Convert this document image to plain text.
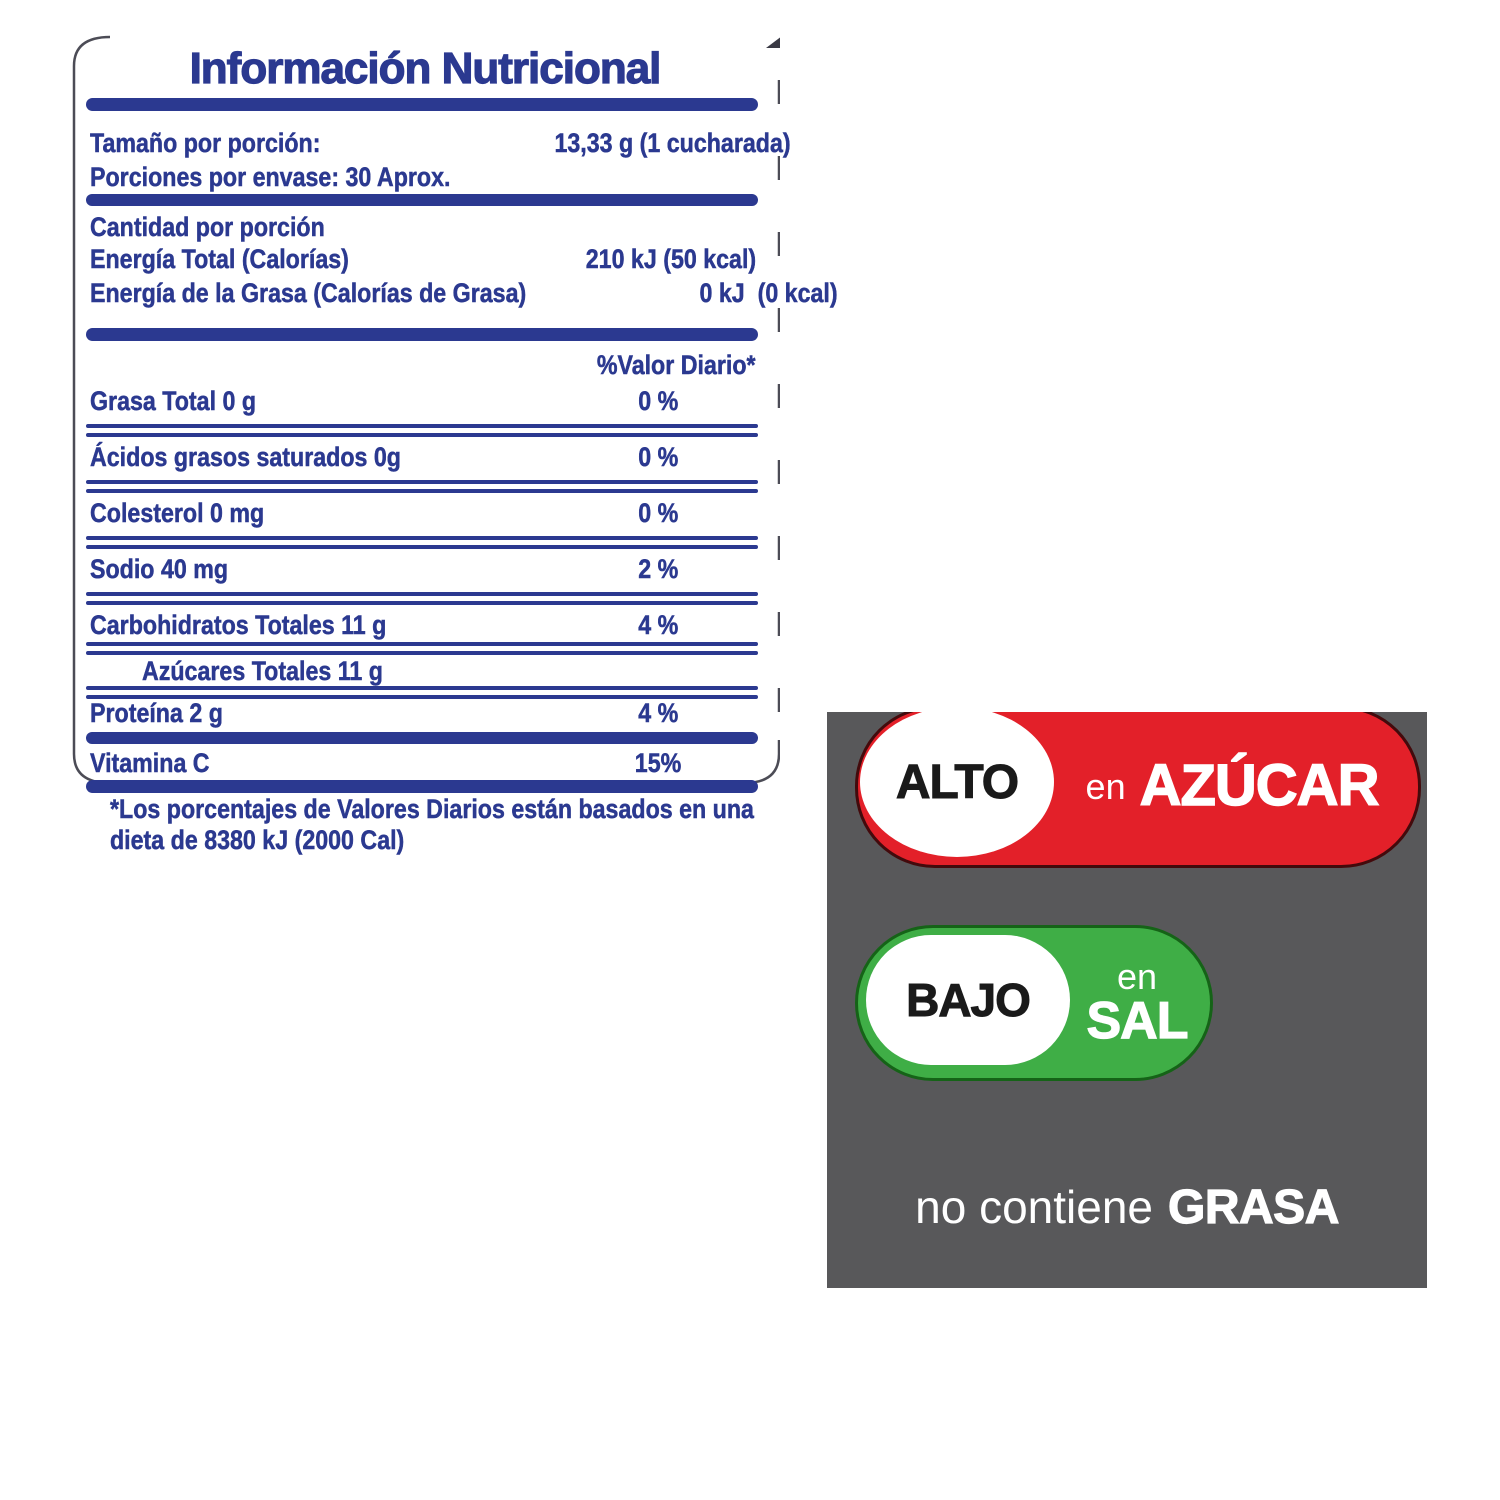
Información Nutricional
Tamaño por porción:	13,33 g (1 cucharada)
Porciones por envase: 30 Aprox.
Cantidad por porción
Energía Total (Calorías)	210 kJ (50 kcal)
Energía de la Grasa (Calorías de Grasa)	0 kJ  (0 kcal)
%Valor Diario*
Grasa Total 0 g	0 %
Ácidos grasos saturados 0g	0 %
Colesterol 0 mg	0 %
Sodio 40 mg	2 %
Carbohidratos Totales 11 g	4 %
Azúcares Totales 11 g
Proteína 2 g	4 %
Vitamina C	15%
*Los porcentajes de Valores Diarios están basados en una
dieta de 8380 kJ (2000 Cal)
ALTO en AZÚCAR
BAJO en
SAL
no contiene GRASA
